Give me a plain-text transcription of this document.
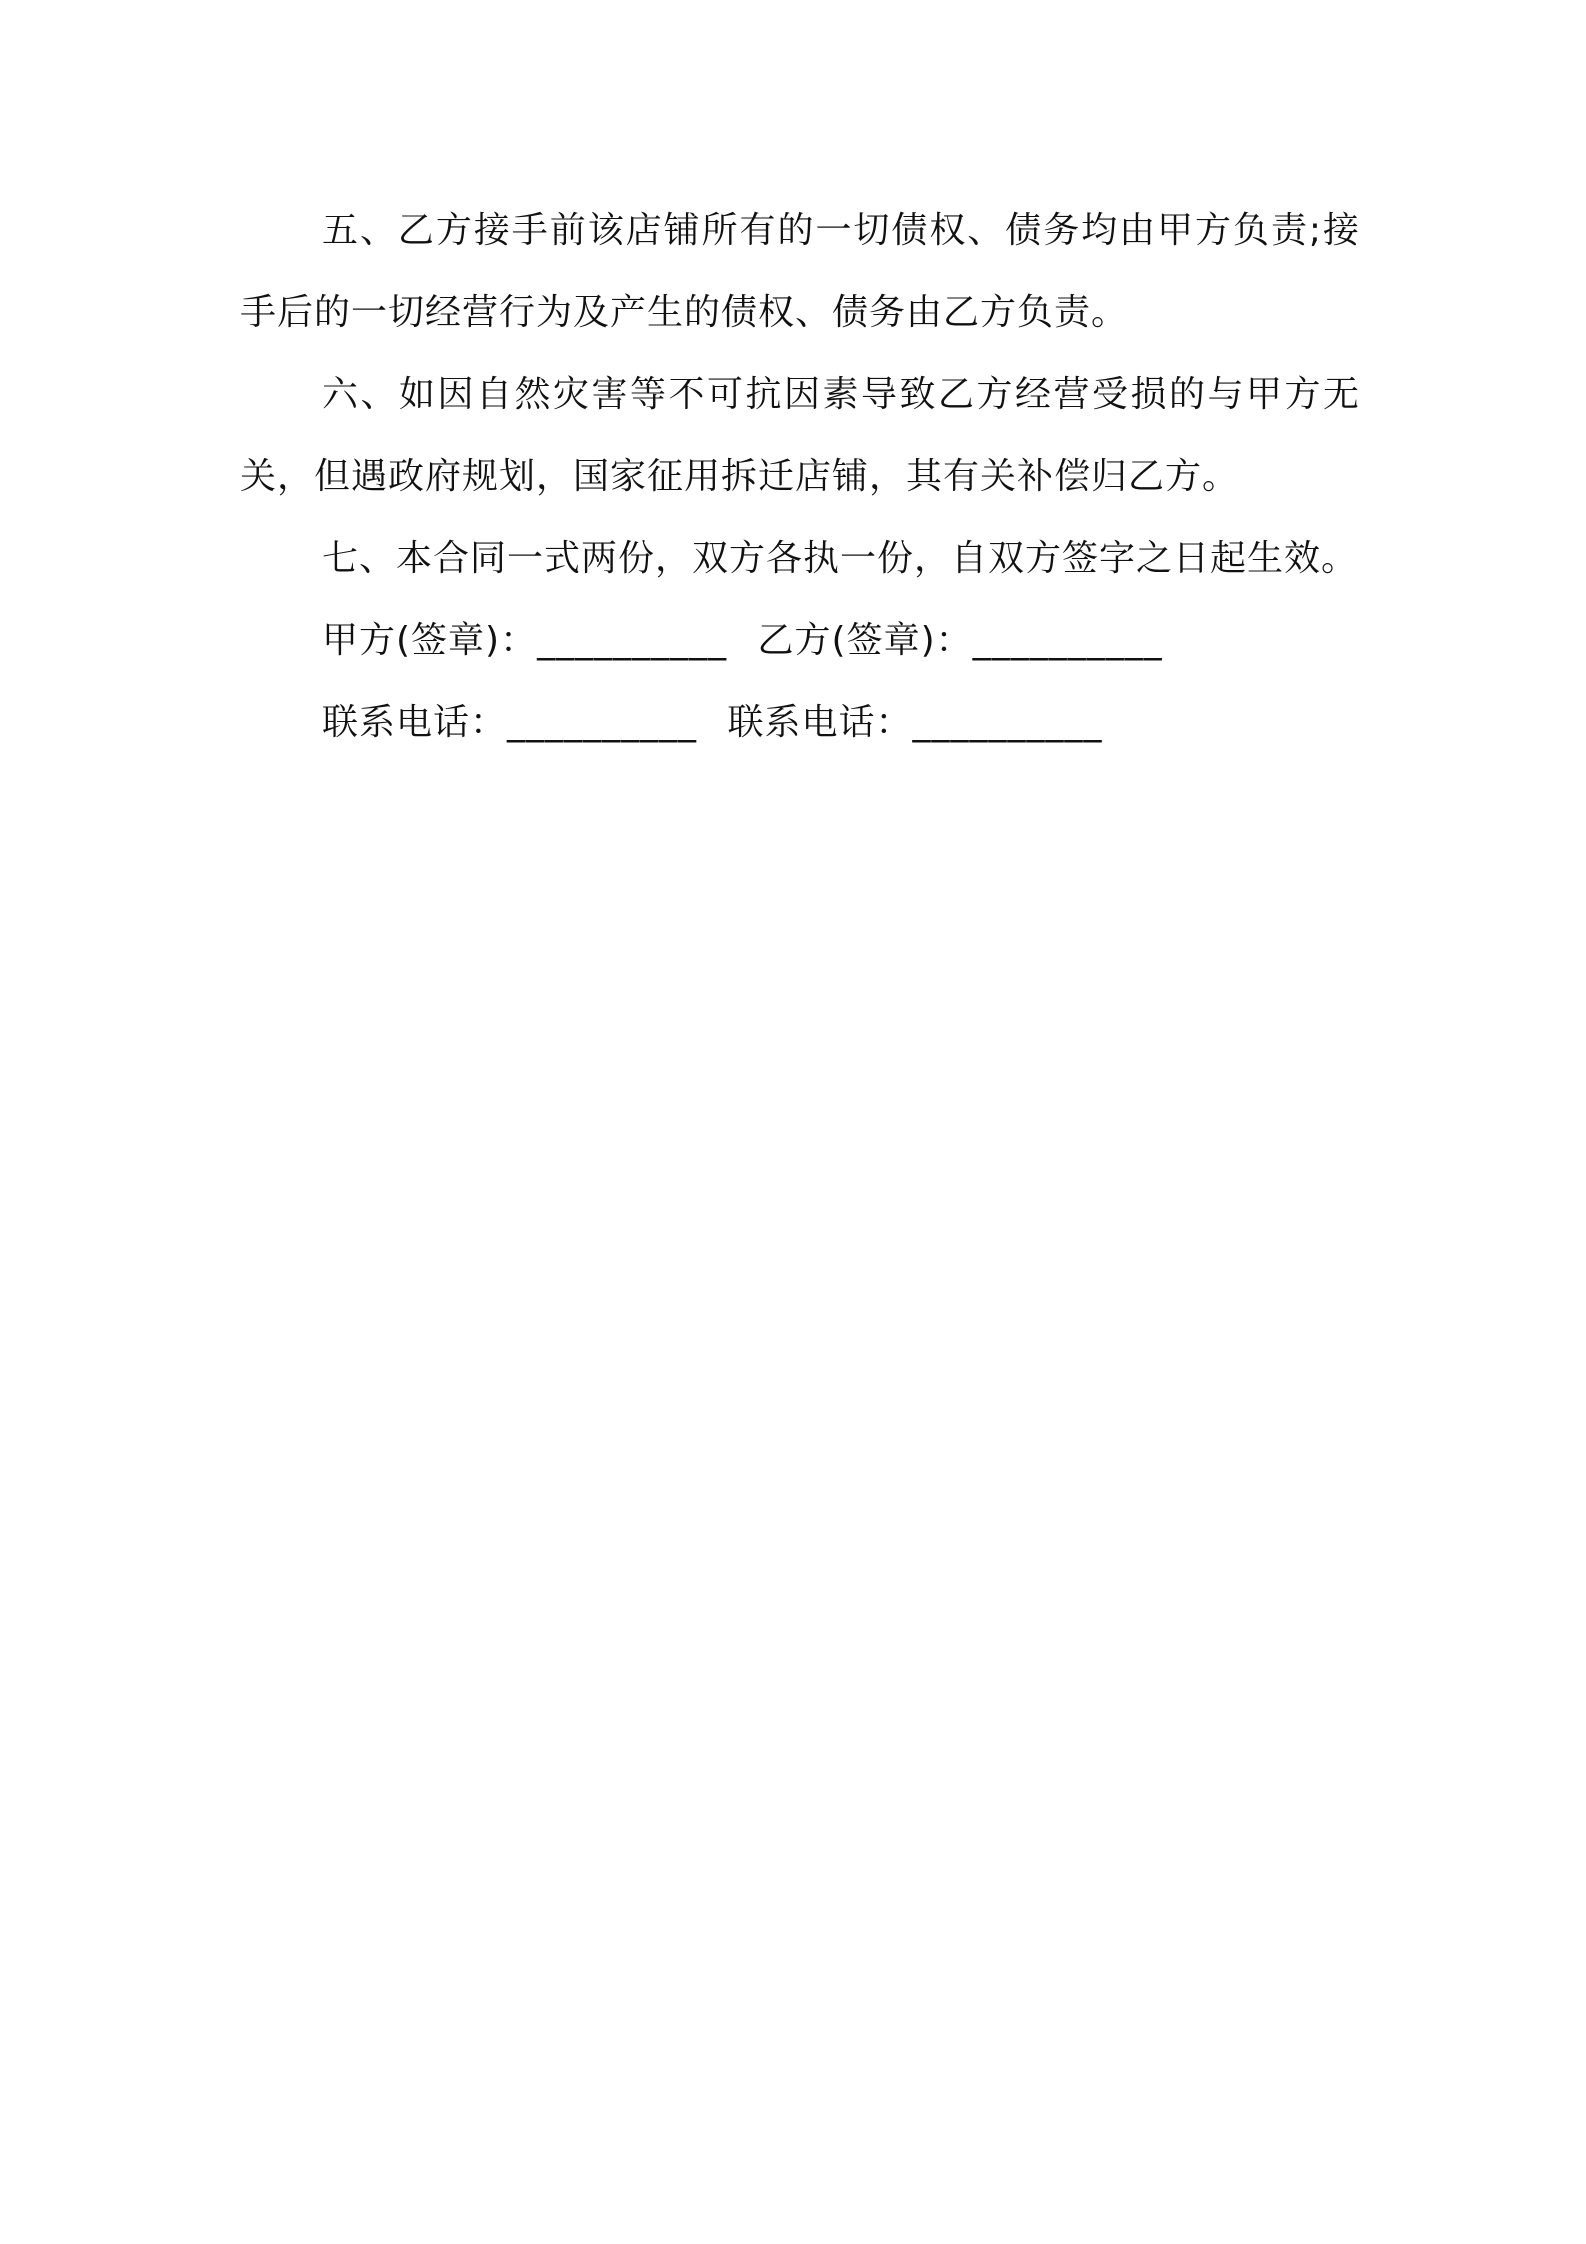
五、乙方接手前该店铺所有的一切债权、债务均由甲方负责;接手后的一切经营行为及产生的债权、债务由乙方负责。

六、如因自然灾害等不可抗因素导致乙方经营受损的与甲方无关，但遇政府规划，国家征用拆迁店铺，其有关补偿归乙方。

七、本合同一式两份，双方各执一份，自双方签字之日起生效。

甲方(签章)：__________ 乙方(签章)：__________
联系电话：__________ 联系电话：__________
